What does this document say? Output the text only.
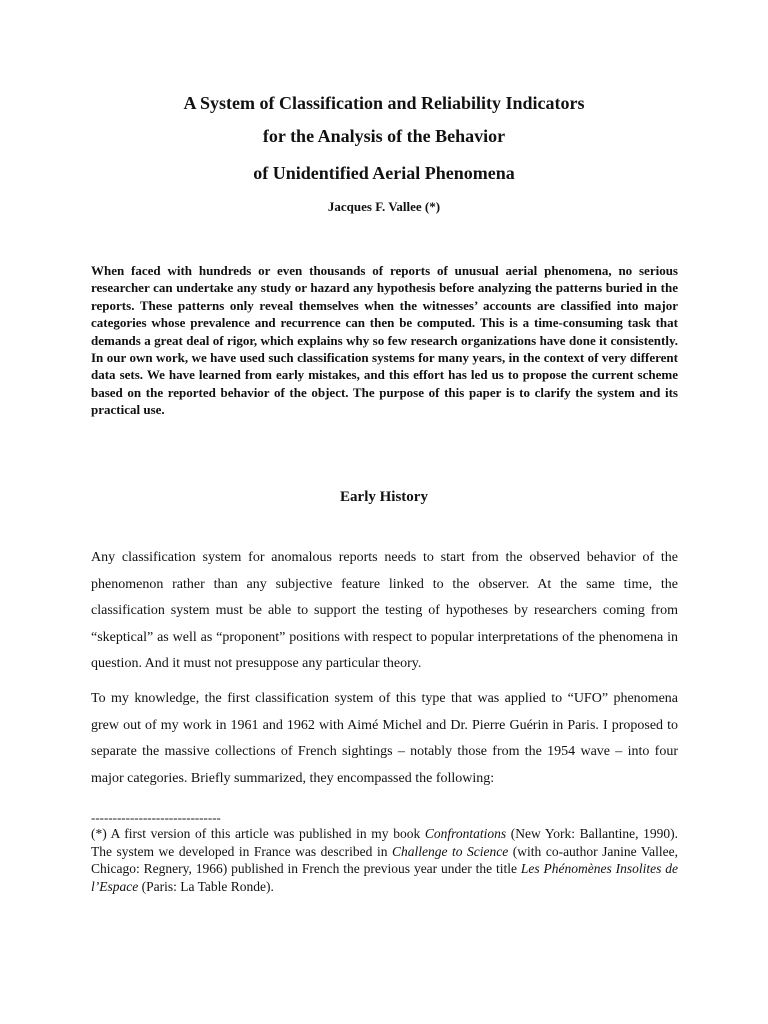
A System of Classification and Reliability Indicators
for the Analysis of the Behavior
of Unidentified Aerial Phenomena
Jacques F. Vallee (*)

When faced with hundreds or even thousands of reports of unusual aerial phenomena, no serious researcher can undertake any study or hazard any hypothesis before analyzing the patterns buried in the reports. These patterns only reveal themselves when the witnesses’ accounts are classified into major categories whose prevalence and recurrence can then be computed. This is a time-consuming task that demands a great deal of rigor, which explains why so few research organizations have done it consistently. In our own work, we have used such classification systems for many years, in the context of very different data sets. We have learned from early mistakes, and this effort has led us to propose the current scheme based on the reported behavior of the object. The purpose of this paper is to clarify the system and its practical use.

Early History

Any classification system for anomalous reports needs to start from the observed behavior of the phenomenon rather than any subjective feature linked to the observer. At the same time, the classification system must be able to support the testing of hypotheses by researchers coming from “skeptical” as well as “proponent” positions with respect to popular interpretations of the phenomena in question. And it must not presuppose any particular theory.

To my knowledge, the first classification system of this type that was applied to “UFO” phenomena grew out of my work in 1961 and 1962 with Aimé Michel and Dr. Pierre Guérin in Paris. I proposed to separate the massive collections of French sightings – notably those from the 1954 wave – into four major categories. Briefly summarized, they encompassed the following:

------------------------------

(*) A first version of this article was published in my book Confrontations (New York: Ballantine, 1990). The system we developed in France was described in Challenge to Science (with co-author Janine Vallee, Chicago: Regnery, 1966) published in French the previous year under the title Les Phénomènes Insolites de l’Espace (Paris: La Table Ronde).
